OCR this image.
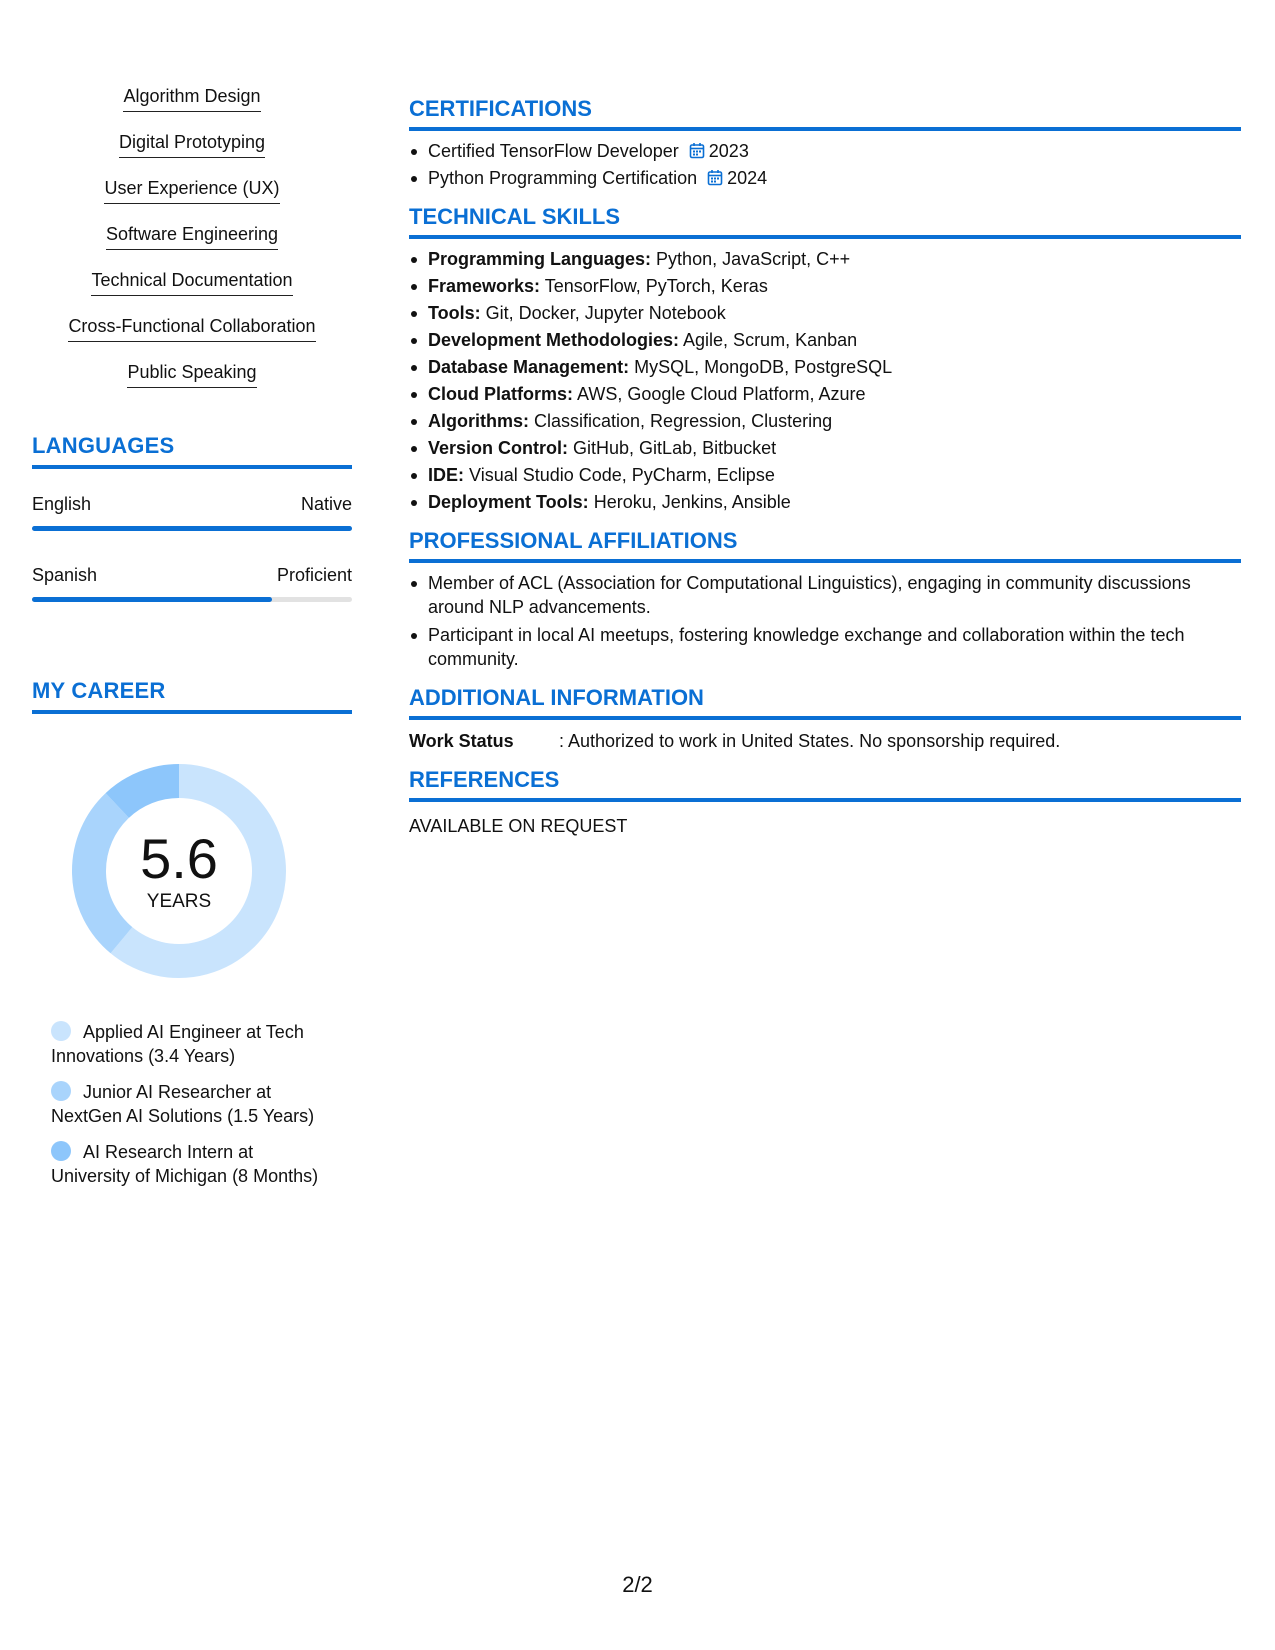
Algorithm Design
Digital Prototyping
User Experience (UX)
Software Engineering
Technical Documentation
Cross-Functional Collaboration
Public Speaking
LANGUAGES
English	Native
Spanish	Proficient
MY CAREER
5.6
YEARS
Applied AI Engineer at Tech Innovations (3.4 Years)
Junior AI Researcher at NextGen AI Solutions (1.5 Years)
AI Research Intern at University of Michigan (8 Months)
CERTIFICATIONS
Certified TensorFlow Developer 2023
Python Programming Certification 2024
TECHNICAL SKILLS
Programming Languages: Python, JavaScript, C++
Frameworks: TensorFlow, PyTorch, Keras
Tools: Git, Docker, Jupyter Notebook
Development Methodologies: Agile, Scrum, Kanban
Database Management: MySQL, MongoDB, PostgreSQL
Cloud Platforms: AWS, Google Cloud Platform, Azure
Algorithms: Classification, Regression, Clustering
Version Control: GitHub, GitLab, Bitbucket
IDE: Visual Studio Code, PyCharm, Eclipse
Deployment Tools: Heroku, Jenkins, Ansible
PROFESSIONAL AFFILIATIONS
Member of ACL (Association for Computational Linguistics), engaging in community discussions around NLP advancements.
Participant in local AI meetups, fostering knowledge exchange and collaboration within the tech community.
ADDITIONAL INFORMATION
Work Status	: Authorized to work in United States. No sponsorship required.
REFERENCES
AVAILABLE ON REQUEST
2/2
